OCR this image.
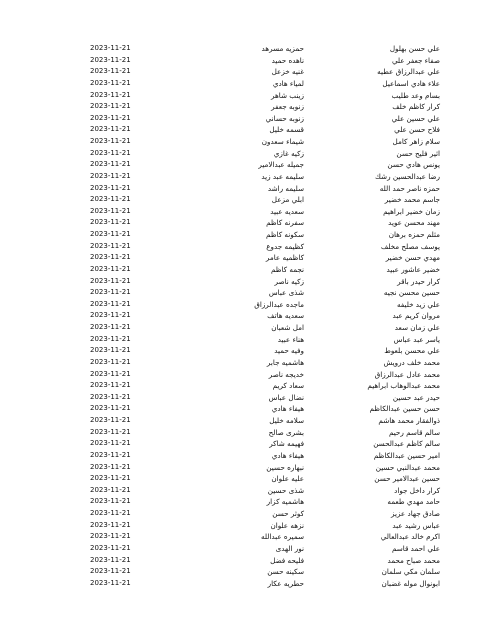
علي حسن بهلول
حمزيه مسرهد
2023-11-21
صفاء جعفر علي
ناهده حميد
2023-11-21
علي عبدالرزاق عطيه
غنيه خزعل
2023-11-21
علاء هادي اسماعيل
لمياء هادي
2023-11-21
بسام وعد طليب
زينب شاهر
2023-11-21
كرار كاظم خلف
زنوبه جعفر
2023-11-21
علي حسين علي
زنوبه حساني
2023-11-21
فلاح حسن علي
قسمه خليل
2023-11-21
سلام زاهر كامل
شيماء سعدون
2023-11-21
اثير فليح حسن
زكيه غازي
2023-11-21
يونس هادي حسن
جميله عبدالامير
2023-11-21
رضا عبدالحسين رشك
سليمه عبد زيد
2023-11-21
حمزه ناصر حمد الله
سليمه راشد
2023-11-21
جاسم محمد خضير
ابلي مزعل
2023-11-21
زمان خضير ابراهيم
سعديه عبيد
2023-11-21
مهند محسن عويد
سفرنه كاظم
2023-11-21
مثلم حمزه برهان
سكونه كاظم
2023-11-21
يوسف مصلح مخلف
كظيمه جدوع
2023-11-21
مهدي حسن خضير
كاظميه عامر
2023-11-21
خضير عاشور عبيد
نجمه كاظم
2023-11-21
كرار حيدر باقر
زكيه ناصر
2023-11-21
حسين محسن نجيه
شذى عباس
2023-11-21
علي زيد خليفه
ماجده عبدالرزاق
2023-11-21
مروان كريم عبد
سعديه هاتف
2023-11-21
علي زمان سعد
امل شعبان
2023-11-21
ياسر عبد عباس
هناء عبيد
2023-11-21
علي محسن بلعوط
وفيه حميد
2023-11-21
محمد خلف درويش
هاشميه جابر
2023-11-21
محمد عادل عبدالرزاق
خديجه ناصر
2023-11-21
محمد عبدالوهاب ابراهيم
سعاد كريم
2023-11-21
حيدر عبد حسين
نضال عباس
2023-11-21
حسن حسين عبدالكاظم
هيفاء هادي
2023-11-21
ذوالفقار محمد هاشم
سلامه خليل
2023-11-21
سالم قاسم رحيم
بشرى صالح
2023-11-21
سالم كاظم عبدالحسن
فهيمه شاكر
2023-11-21
امير حسين عبدالكاظم
هيفاء هادي
2023-11-21
محمد عبدالنبي حسين
نبهاره حسين
2023-11-21
حسين عبدالامير حسن
عليه علوان
2023-11-21
كرار داخل جواد
شذى حسين
2023-11-21
حامد مهدي طعمه
هاشميه كزار
2023-11-21
صادق جهاد عزيز
كوثر حسن
2023-11-21
عباس رشيد عبد
نزهه علوان
2023-11-21
اكرم خالد عبدالعالي
سميره عبدالله
2023-11-21
علي احمد قاسم
نور الهدى
2023-11-21
محمد صباح محمد
فليحه فضل
2023-11-21
سلمان مكي سلمان
سكينه حسن
2023-11-21
ابونوال موله غضبان
حطريه عكار
2023-11-21
